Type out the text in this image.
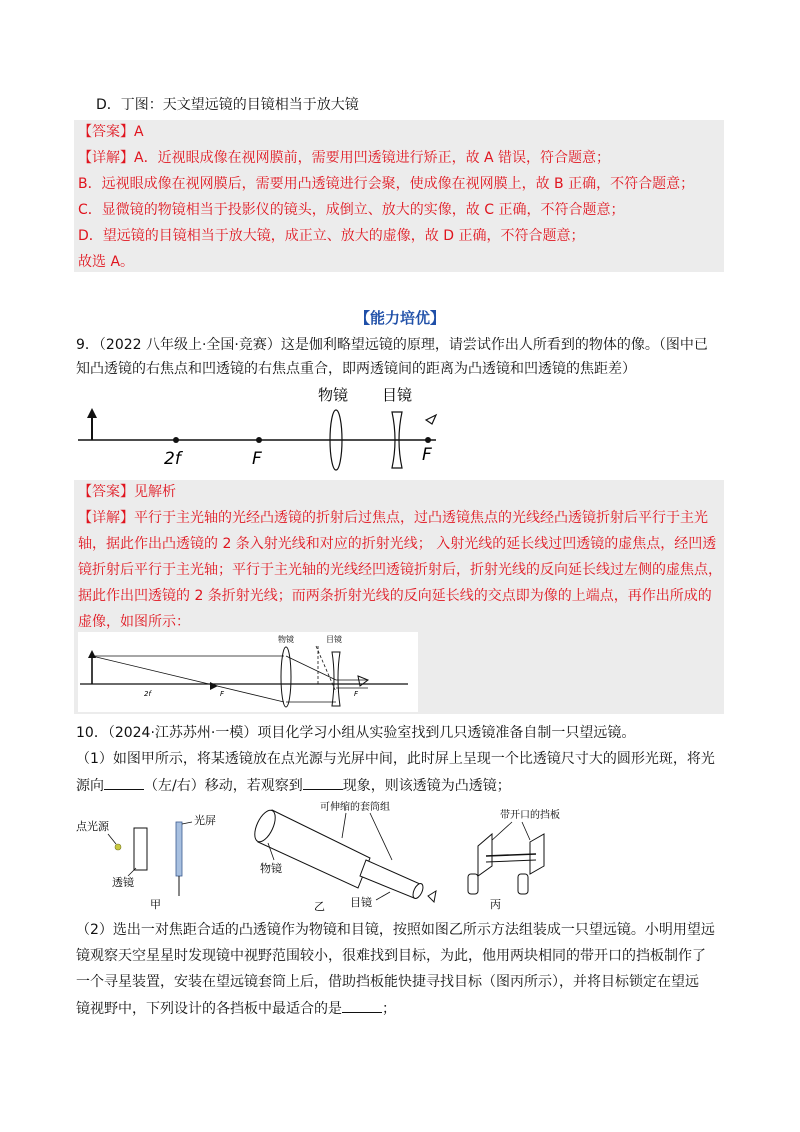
D．丁图：天文望远镜的目镜相当于放大镜
【答案】A
【详解】A．近视眼成像在视网膜前，需要用凹透镜进行矫正，故 A 错误，符合题意；
B．远视眼成像在视网膜后，需要用凸透镜进行会聚，使成像在视网膜上，故 B 正确，不符合题意；
C．显微镜的物镜相当于投影仪的镜头，成倒立、放大的实像，故 C 正确，不符合题意；
D．望远镜的目镜相当于放大镜，成正立、放大的虚像，故 D 正确，不符合题意；
故选 A。
【能力培优】
9．（2022 八年级上·全国·竞赛）这是伽利略望远镜的原理，请尝试作出人所看到的物体的像。（图中已
知凸透镜的右焦点和凹透镜的右焦点重合，即两透镜间的距离为凸透镜和凹透镜的焦距差）
2f	F	F
物镜 目镜
【答案】见解析
【详解】平行于主光轴的光经凸透镜的折射后过焦点，过凸透镜焦点的光线经凸透镜折射后平行于主光
轴，据此作出凸透镜的 2 条入射光线和对应的折射光线； 入射光线的延长线过凹透镜的虚焦点，经凹透
镜折射后平行于主光轴；平行于主光轴的光线经凹透镜折射后，折射光线的反向延长线过左侧的虚焦点，
据此作出凹透镜的 2 条折射光线；而两条折射光线的反向延长线的交点即为像的上端点，再作出所成的
虚像，如图所示：
2f	F	F
物镜	目镜
10．（2024·江苏苏州·一模）项目化学习小组从实验室找到几只透镜准备自制一只望远镜。
（1）如图甲所示，将某透镜放在点光源与光屏中间，此时屏上呈现一个比透镜尺寸大的圆形光斑，将光
源向	（左/右）移动，若观察到	现象，则该透镜为凸透镜；
点光源
透镜
光屏
甲
可伸缩的套筒组
物镜
目镜
乙
带开口的挡板
丙
（2）选出一对焦距合适的凸透镜作为物镜和目镜，按照如图乙所示方法组装成一只望远镜。小明用望远
镜观察天空星星时发现镜中视野范围较小，很难找到目标，为此，他用两块相同的带开口的挡板制作了
一个寻星装置，安装在望远镜套筒上后，借助挡板能快捷寻找目标（图丙所示），并将目标锁定在望远
镜视野中，下列设计的各挡板中最适合的是	；
